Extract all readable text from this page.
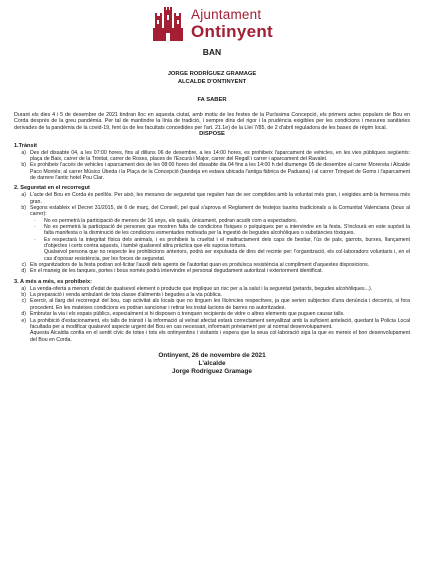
Ajuntament
Ontinyent
BAN
JORGE RODRÍGUEZ GRAMAGE
ALCALDE D'ONTINYENT
FA SABER
Durant els dies 4 i 5 de desembre de 2021 tindran lloc en aquesta ciutat, amb motiu de les festes de la Puríssima Concepció, els primers actes populars de Bou en Corda després de la greu pandèmia. Per tal de mantindre la línia de tradició, i sempre dins del rigor i la prudència exigibles per les condicions i mesures sanitàries derivades de la pandèmia de la covid-19, fent ús de les facultats concedides per l'art. 21.1e) de la Llei 7/85, de 2 d'abril reguladora de les bases de règim local.
DISPOSE
1.Trànsit
a) Des del dissabte 04, a les 07:00 hores, fins al dilluns 06 de desembre, a les 14:00 hores, es prohibeix l'aparcament de vehicles, en les vies públiques següents: plaça de Baix, carrer de la Trinitat, carrer de Roses, places de l'Escurà i Major, carrer del Regall i carrer i aparcament del Ravalet.
b) Es prohibeix l'accés de vehicles i aparcament des de les 08:00 hores del dissabte dia 04 fins a les 14:00 h del diumenge 05 de desembre al carrer Morereta i Alcalde Paco Montés; al carrer Músico Úbeda i la Plaça de la Concepció (bandeja en estava ubicada l'antiga fàbrica de Paduana) i al carrer Trinquet de Goms i l'aparcament de darrere l'antic hotel Pou Clar.
2. Seguretat en el recorregut
a) L'acte del Bou en Corda és perillós. Per això, les mesures de seguretat que regulen han de ser complides amb la voluntat més gran, i exigides amb la fermesa més gran.
b) Segons estableix el Decret 31/2015, de 6 de març, del Consell, pel qual s'aprova el Reglament de festejos taurins tradicionals a la Comunitat Valenciana (bous al carrer):
·	No es permetrà la participació de menors de 16 anys, els quals, únicament, podran acudir com a espectadors.
·	No es permetrà la participació de persones que mostren falta de condicions físiques o psíquiques per a intervindre en la festa. S'inclourà en este supòsit la falta manifesta o la disminució de les condicions esmentades motivada per la ingestió de begudes alcohòliques o substàncies tòxiques.
·	Es respectarà la integritat física dels animals, i es prohibeix la crueltat i el maltractament dels caps de bestiar, l'ús de pals, garrots, burxes, llançament d'objectes i certs contra aquests, i també qualsevol altra pràctica que els suposa tortura.
Qualsevol persona que no respecte les prohibicions anteriors, podrà ser expulsada de dins del recinte per: l'organització, els col·laboradors voluntaris i, en el cas d'oposar resistència, per les forces de seguretat.
c) Els organitzadors de la festa podran sol·licitar l'auxili dels agents de l'autoritat quan es produïsca resistència al compliment d'aquestes disposicions.
d) En el maneig de les tanques, portes i bous només podrà intervindre el personal degudament autoritzat i exteriorment identificat.
3. A més a més, es prohibeix:
a) La venda-oferta a menors d'edat de qualsevol element o producte que implique un risc per a la salut i la seguretat (petards, begudes alcohòliques...).
b) La preparació i venda ambulant de tota classe d'aliments i begudes a la via pública.
c) Exercir, al llarg del recorregut del bou, cap activitat als locals que no tinguen les llicències respectives, ja que serien subjectes d'una denúncia i decomís, si fora procedent. En les mateixes condicions es podran sancionar i retirar les instal·lacions de barres no autoritzades.
d) Embrutar la via i els espais públics, especialment si hi disposen o trenquen recipients de vidre o altres elements que puguen causar talls.
e) La prohibició d'estacionament, els talls de trànsit i la informació al veïnat afectat estarà correctament senyalitzat amb la suficient antelació, quedant la Policia Local facultada per a modificar qualsevol aspecte urgent del Bou en cas necessari, informant prèviament per al normal desenvolupament.
Aquesta Alcaldia confia en el sentit cívic de totes i tots els ontinyentins i visitants i espera que la seua col·laboració siga la que es mereix el bon desenvolupament del Bou en Corda.
Ontinyent, 26 de novembre de 2021
L'alcalde
Jorge Rodríguez Gramage
